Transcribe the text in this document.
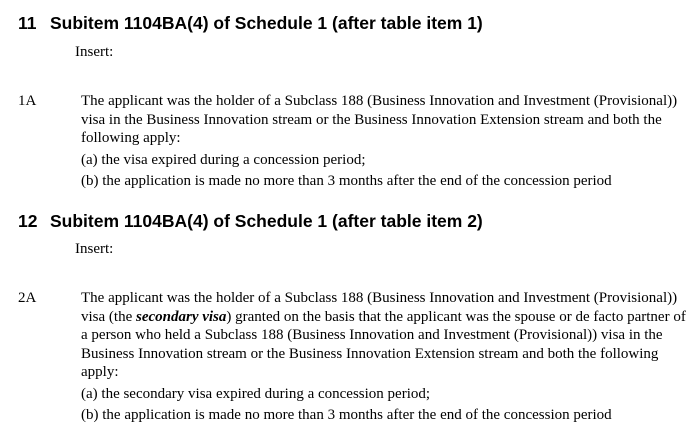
11 Subitem 1104BA(4) of Schedule 1 (after table item 1)
Insert:
1A	The applicant was the holder of a Subclass 188 (Business Innovation and Investment (Provisional)) visa in the Business Innovation stream or the Business Innovation Extension stream and both the following apply:

(a) the visa expired during a concession period;

(b) the application is made no more than 3 months after the end of the concession period

12 Subitem 1104BA(4) of Schedule 1 (after table item 2)
Insert:
2A	The applicant was the holder of a Subclass 188 (Business Innovation and Investment (Provisional)) visa (the secondary visa) granted on the basis that the applicant was the spouse or de facto partner of a person who held a Subclass 188 (Business Innovation and Investment (Provisional)) visa in the Business Innovation stream or the Business Innovation Extension stream and both the following apply:

(a) the secondary visa expired during a concession period;

(b) the application is made no more than 3 months after the end of the concession period
